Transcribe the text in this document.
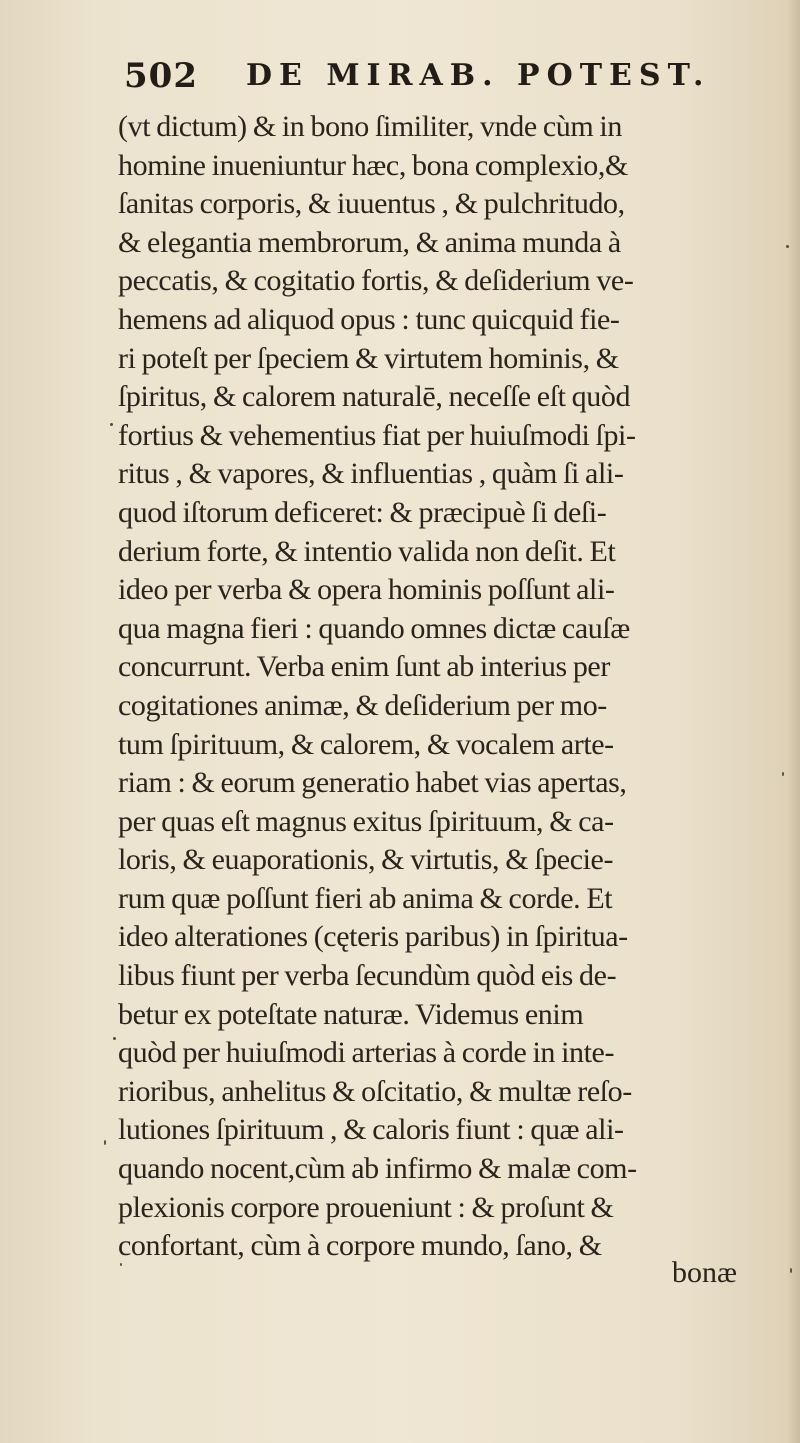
502 DE MIRAB. POTEST.
(vt dictum) & in bono ſimiliter, vnde cùm in
homine inueniuntur hæc, bona complexio,&
ſanitas corporis, & iuuentus , & pulchritudo,
& elegantia membrorum, & anima munda à
peccatis, & cogitatio fortis, & deſiderium ve-
hemens ad aliquod opus : tunc quicquid fie-
ri poteſt per ſpeciem & virtutem hominis, &
ſpiritus, & calorem naturalē, neceſſe eſt quòd
fortius & vehementius fiat per huiuſmodi ſpi-
ritus , & vapores, & influentias , quàm ſi ali-
quod iſtorum deficeret: & præcipuè ſi deſi-
derium forte, & intentio valida non deſit. Et
ideo per verba & opera hominis poſſunt ali-
qua magna fieri : quando omnes dictæ cauſæ
concurrunt. Verba enim ſunt ab interius per
cogitationes animæ, & deſiderium per mo-
tum ſpirituum, & calorem, & vocalem arte-
riam : & eorum generatio habet vias apertas,
per quas eſt magnus exitus ſpirituum, & ca-
loris, & euaporationis, & virtutis, & ſpecie-
rum quæ poſſunt fieri ab anima & corde. Et
ideo alterationes (cęteris paribus) in ſpiritua-
libus fiunt per verba ſecundùm quòd eis de-
betur ex poteſtate naturæ. Videmus enim
quòd per huiuſmodi arterias à corde in inte-
rioribus, anhelitus & oſcitatio, & multæ reſo-
lutiones ſpirituum , & caloris fiunt : quæ ali-
quando nocent,cùm ab infirmo & malæ com-
plexionis corpore proueniunt : & proſunt &
confortant, cùm à corpore mundo, ſano, &
bonæ
